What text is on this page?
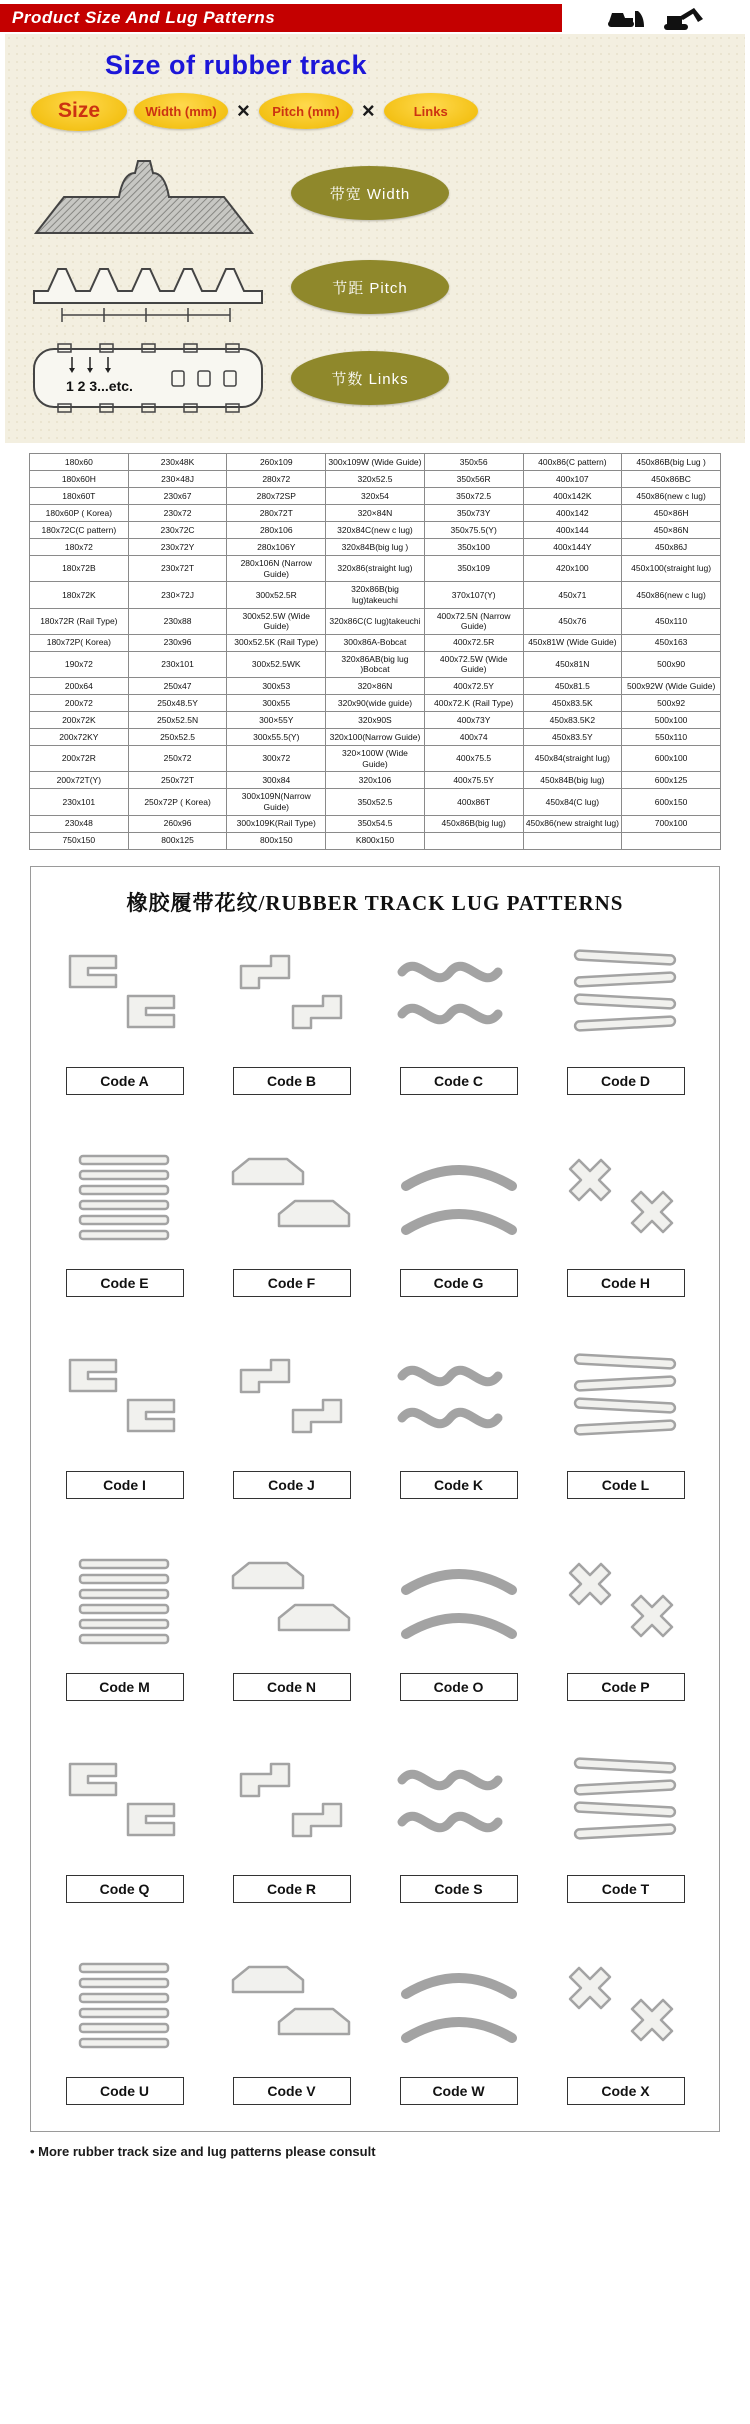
Product Size And Lug Patterns
Size of rubber track
Size	Width (mm) ×	Pitch (mm)	×	Links
带宽 Width
节距 Pitch
1 2 3...etc.	节数 Links
180x60	230x48K	260x109	300x109W (Wide Guide)	350x56	400x86(C pattern)	450x86B(big Lug )
180x60H	230×48J	280x72	320x52.5	350x56R	400x107	450x86BC
180x60T	230x67	280x72SP	320x54	350x72.5	400x142K	450x86(new c lug)
180x60P ( Korea)	230x72	280x72T	320×84N	350x73Y	400x142	450×86H
180x72C(C pattern)	230x72C	280x106	320x84C(new c lug)	350x75.5(Y)	400x144	450×86N
180x72	230x72Y	280x106Y	320x84B(big lug )	350x100	400x144Y	450x86J
180x72B	230x72T	280x106N (Narrow Guide)	320x86(straight lug)	350x109	420x100	450x100(straight lug)
180x72K	230×72J	300x52.5R	320x86B(big lug)takeuchi	370x107(Y)	450x71	450x86(new c lug)
180x72R (Rail Type)	230x88	300x52.5W (Wide Guide)	320x86C(C lug)takeuchi	400x72.5N (Narrow Guide)	450x76	450x110
180x72P( Korea)	230x96	300x52.5K (Rail Type)	300x86A-Bobcat	400x72.5R	450x81W (Wide Guide)	450x163
190x72	230x101	300x52.5WK	320x86AB(big lug )Bobcat	400x72.5W (Wide Guide)	450x81N	500x90
200x64	250x47	300x53	320×86N	400x72.5Y	450x81.5	500x92W (Wide Guide)
200x72	250x48.5Y	300x55	320x90(wide guide)	400x72.K (Rail Type)	450x83.5K	500x92
200x72K	250x52.5N	300×55Y	320x90S	400x73Y	450x83.5K2	500x100
200x72KY	250x52.5	300x55.5(Y)	320x100(Narrow Guide)	400x74	450x83.5Y	550x110
200x72R	250x72	300x72	320×100W (Wide Guide)	400x75.5	450x84(straight lug)	600x100
200x72T(Y)	250x72T	300x84	320x106	400x75.5Y	450x84B(big lug)	600x125
230x101	250x72P ( Korea)	300x109N(Narrow Guide)	350x52.5	400x86T	450x84(C lug)	600x150
230x48	260x96	300x109K(Rail Type)	350x54.5	450x86B(big lug)	450x86(new straight lug)	700x100
750x150	800x125	800x150	K800x150			
橡胶履带花纹/RUBBER TRACK LUG PATTERNS
Code A	Code B	Code C	Code D
Code E	Code F	Code G	Code H
Code I	Code J	Code K	Code L
Code M	Code N	Code O	Code P
Code Q	Code R	Code S	Code T
Code U	Code V	Code W	Code X

• More rubber track size and lug patterns please consult
